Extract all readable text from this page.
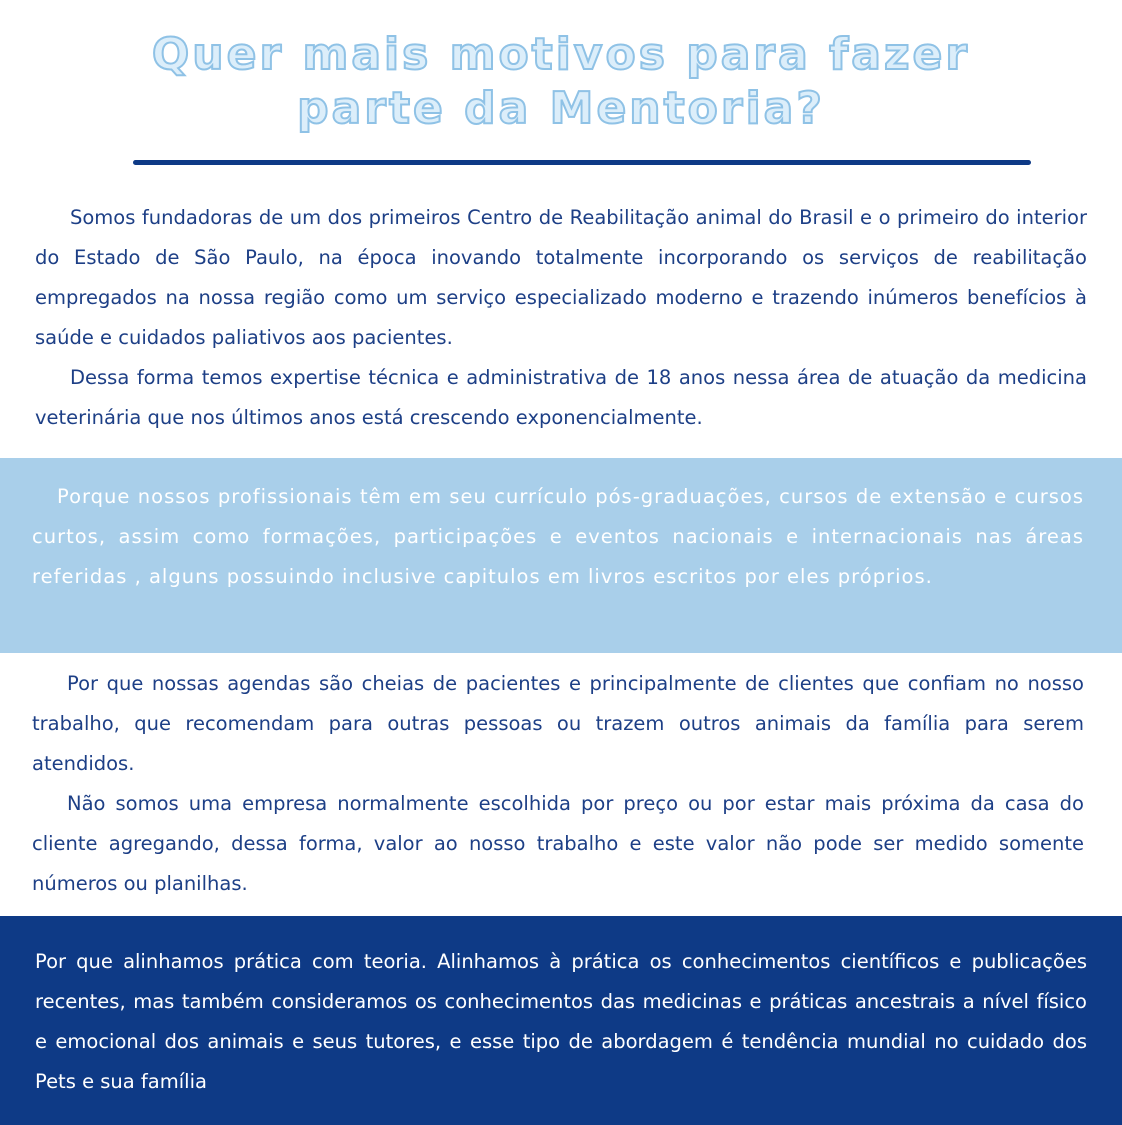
Quer mais motivos para fazer
parte da Mentoria?

Somos fundadoras de um dos primeiros Centro de Reabilitação animal do Brasil e o primeiro do interior do Estado de São Paulo, na época inovando totalmente incorporando os serviços de reabilitação empregados na nossa região como um serviço especializado moderno e trazendo inúmeros benefícios à saúde e cuidados paliativos aos pacientes.

Dessa forma temos expertise técnica e administrativa de 18 anos nessa área de atuação da medicina veterinária que nos últimos anos está crescendo exponencialmente.

Porque nossos profissionais têm em seu currículo pós-graduações, cursos de extensão e cursos curtos, assim como formações, participações e eventos nacionais e internacionais nas áreas referidas , alguns possuindo inclusive capitulos em livros escritos por eles próprios.

Por que nossas agendas são cheias de pacientes e principalmente de clientes que confiam no nosso trabalho, que recomendam para outras pessoas ou trazem outros animais da família para serem atendidos.

Não somos uma empresa normalmente escolhida por preço ou por estar mais próxima da casa do cliente agregando, dessa forma, valor ao nosso trabalho e este valor não pode ser medido somente números ou planilhas.

Por que alinhamos prática com teoria. Alinhamos à prática os conhecimentos científicos e publicações recentes, mas também consideramos os conhecimentos das medicinas e práticas ancestrais a nível físico e emocional dos animais e seus tutores, e esse tipo de abordagem é tendência mundial no cuidado dos Pets e sua família
